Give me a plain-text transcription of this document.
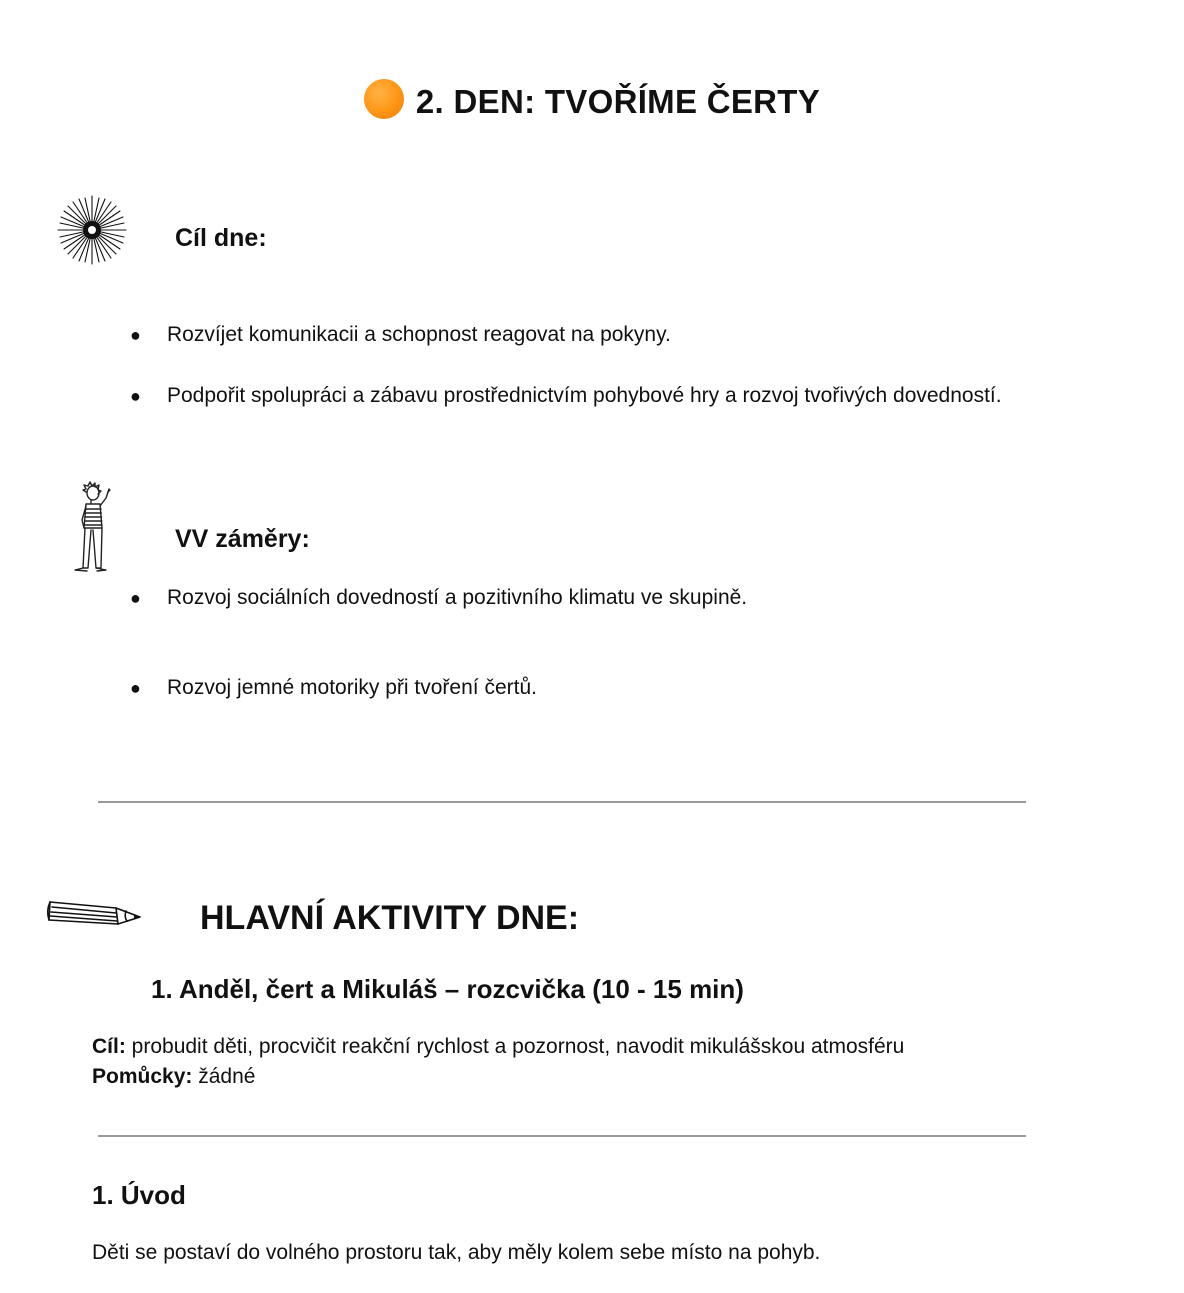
2. DEN: TVOŘÍME ČERTY
Cíl dne:
●	Rozvíjet komunikacii a schopnost reagovat na pokyny.
●	Podpořit spolupráci a zábavu prostřednictvím pohybové hry a rozvoj tvořivých dovedností.
VV záměry:
●	Rozvoj sociálních dovedností a pozitivního klimatu ve skupině.
●	Rozvoj jemné motoriky při tvoření čertů.
HLAVNÍ AKTIVITY DNE:
1. Anděl, čert a Mikuláš – rozcvička (10 - 15 min)
Cíl: probudit děti, procvičit reakční rychlost a pozornost, navodit mikulášskou atmosféru
Pomůcky: žádné
1. Úvod
Děti se postaví do volného prostoru tak, aby měly kolem sebe místo na pohyb.
